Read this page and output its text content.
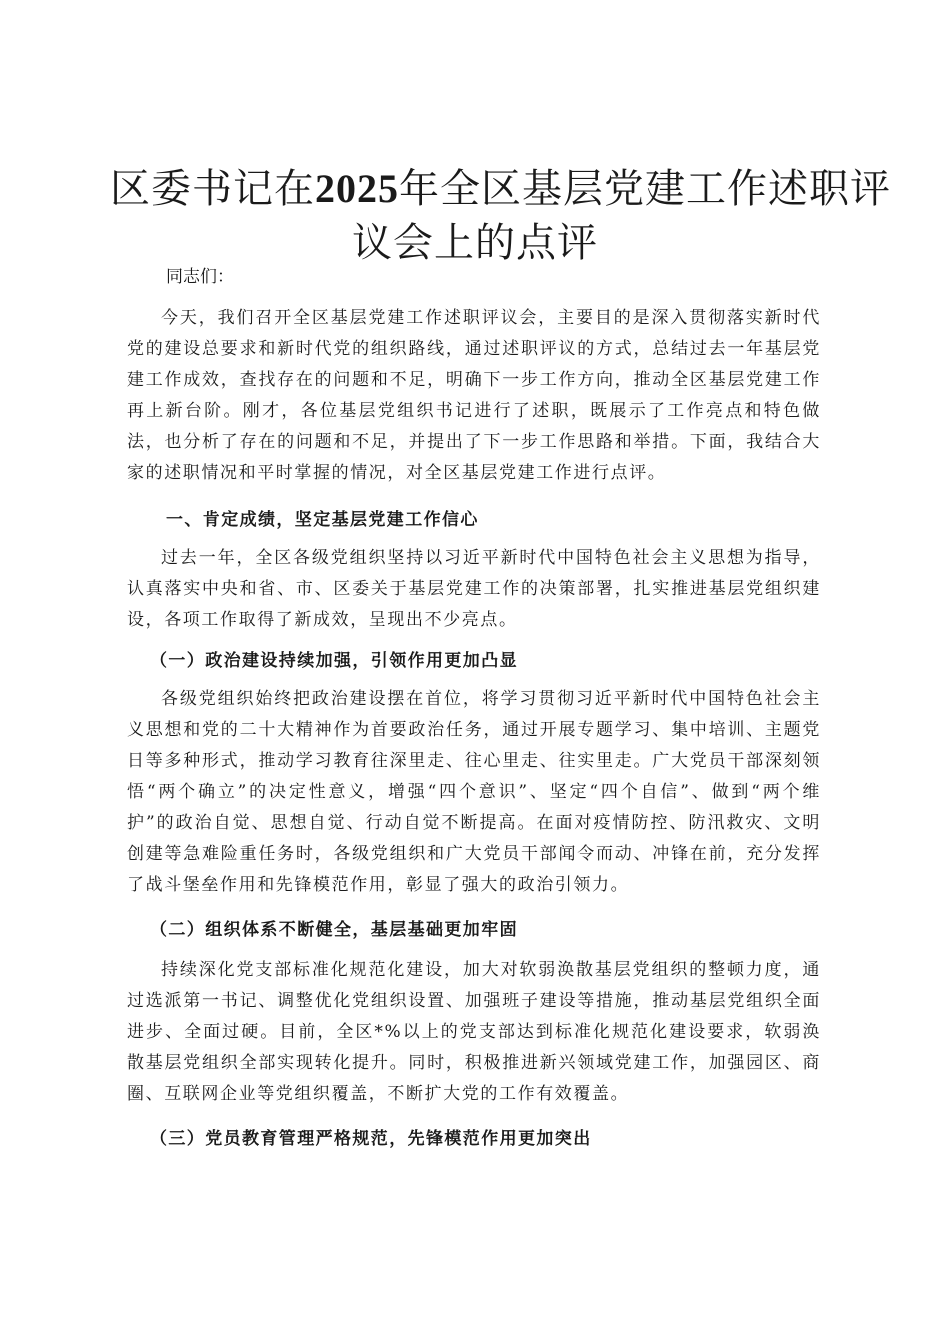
区委书记在2025年全区基层党建工作述职评
议会上的点评

同志们：

今天，我们召开全区基层党建工作述职评议会，主要目的是深入贯彻落实新时代党的建设总要求和新时代党的组织路线，通过述职评议的方式，总结过去一年基层党建工作成效，查找存在的问题和不足，明确下一步工作方向，推动全区基层党建工作再上新台阶。刚才，各位基层党组织书记进行了述职，既展示了工作亮点和特色做法，也分析了存在的问题和不足，并提出了下一步工作思路和举措。下面，我结合大家的述职情况和平时掌握的情况，对全区基层党建工作进行点评。

一、肯定成绩，坚定基层党建工作信心

过去一年，全区各级党组织坚持以习近平新时代中国特色社会主义思想为指导，认真落实中央和省、市、区委关于基层党建工作的决策部署，扎实推进基层党组织建设，各项工作取得了新成效，呈现出不少亮点。

（一）政治建设持续加强，引领作用更加凸显

各级党组织始终把政治建设摆在首位，将学习贯彻习近平新时代中国特色社会主义思想和党的二十大精神作为首要政治任务，通过开展专题学习、集中培训、主题党日等多种形式，推动学习教育往深里走、往心里走、往实里走。广大党员干部深刻领悟“两个确立”的决定性意义，增强“四个意识”、坚定“四个自信”、做到“两个维护”的政治自觉、思想自觉、行动自觉不断提高。在面对疫情防控、防汛救灾、文明创建等急难险重任务时，各级党组织和广大党员干部闻令而动、冲锋在前，充分发挥了战斗堡垒作用和先锋模范作用，彰显了强大的政治引领力。

（二）组织体系不断健全，基层基础更加牢固

持续深化党支部标准化规范化建设，加大对软弱涣散基层党组织的整顿力度，通过选派第一书记、调整优化党组织设置、加强班子建设等措施，推动基层党组织全面进步、全面过硬。目前，全区*%以上的党支部达到标准化规范化建设要求，软弱涣散基层党组织全部实现转化提升。同时，积极推进新兴领域党建工作，加强园区、商圈、互联网企业等党组织覆盖，不断扩大党的工作有效覆盖。

（三）党员教育管理严格规范，先锋模范作用更加突出
